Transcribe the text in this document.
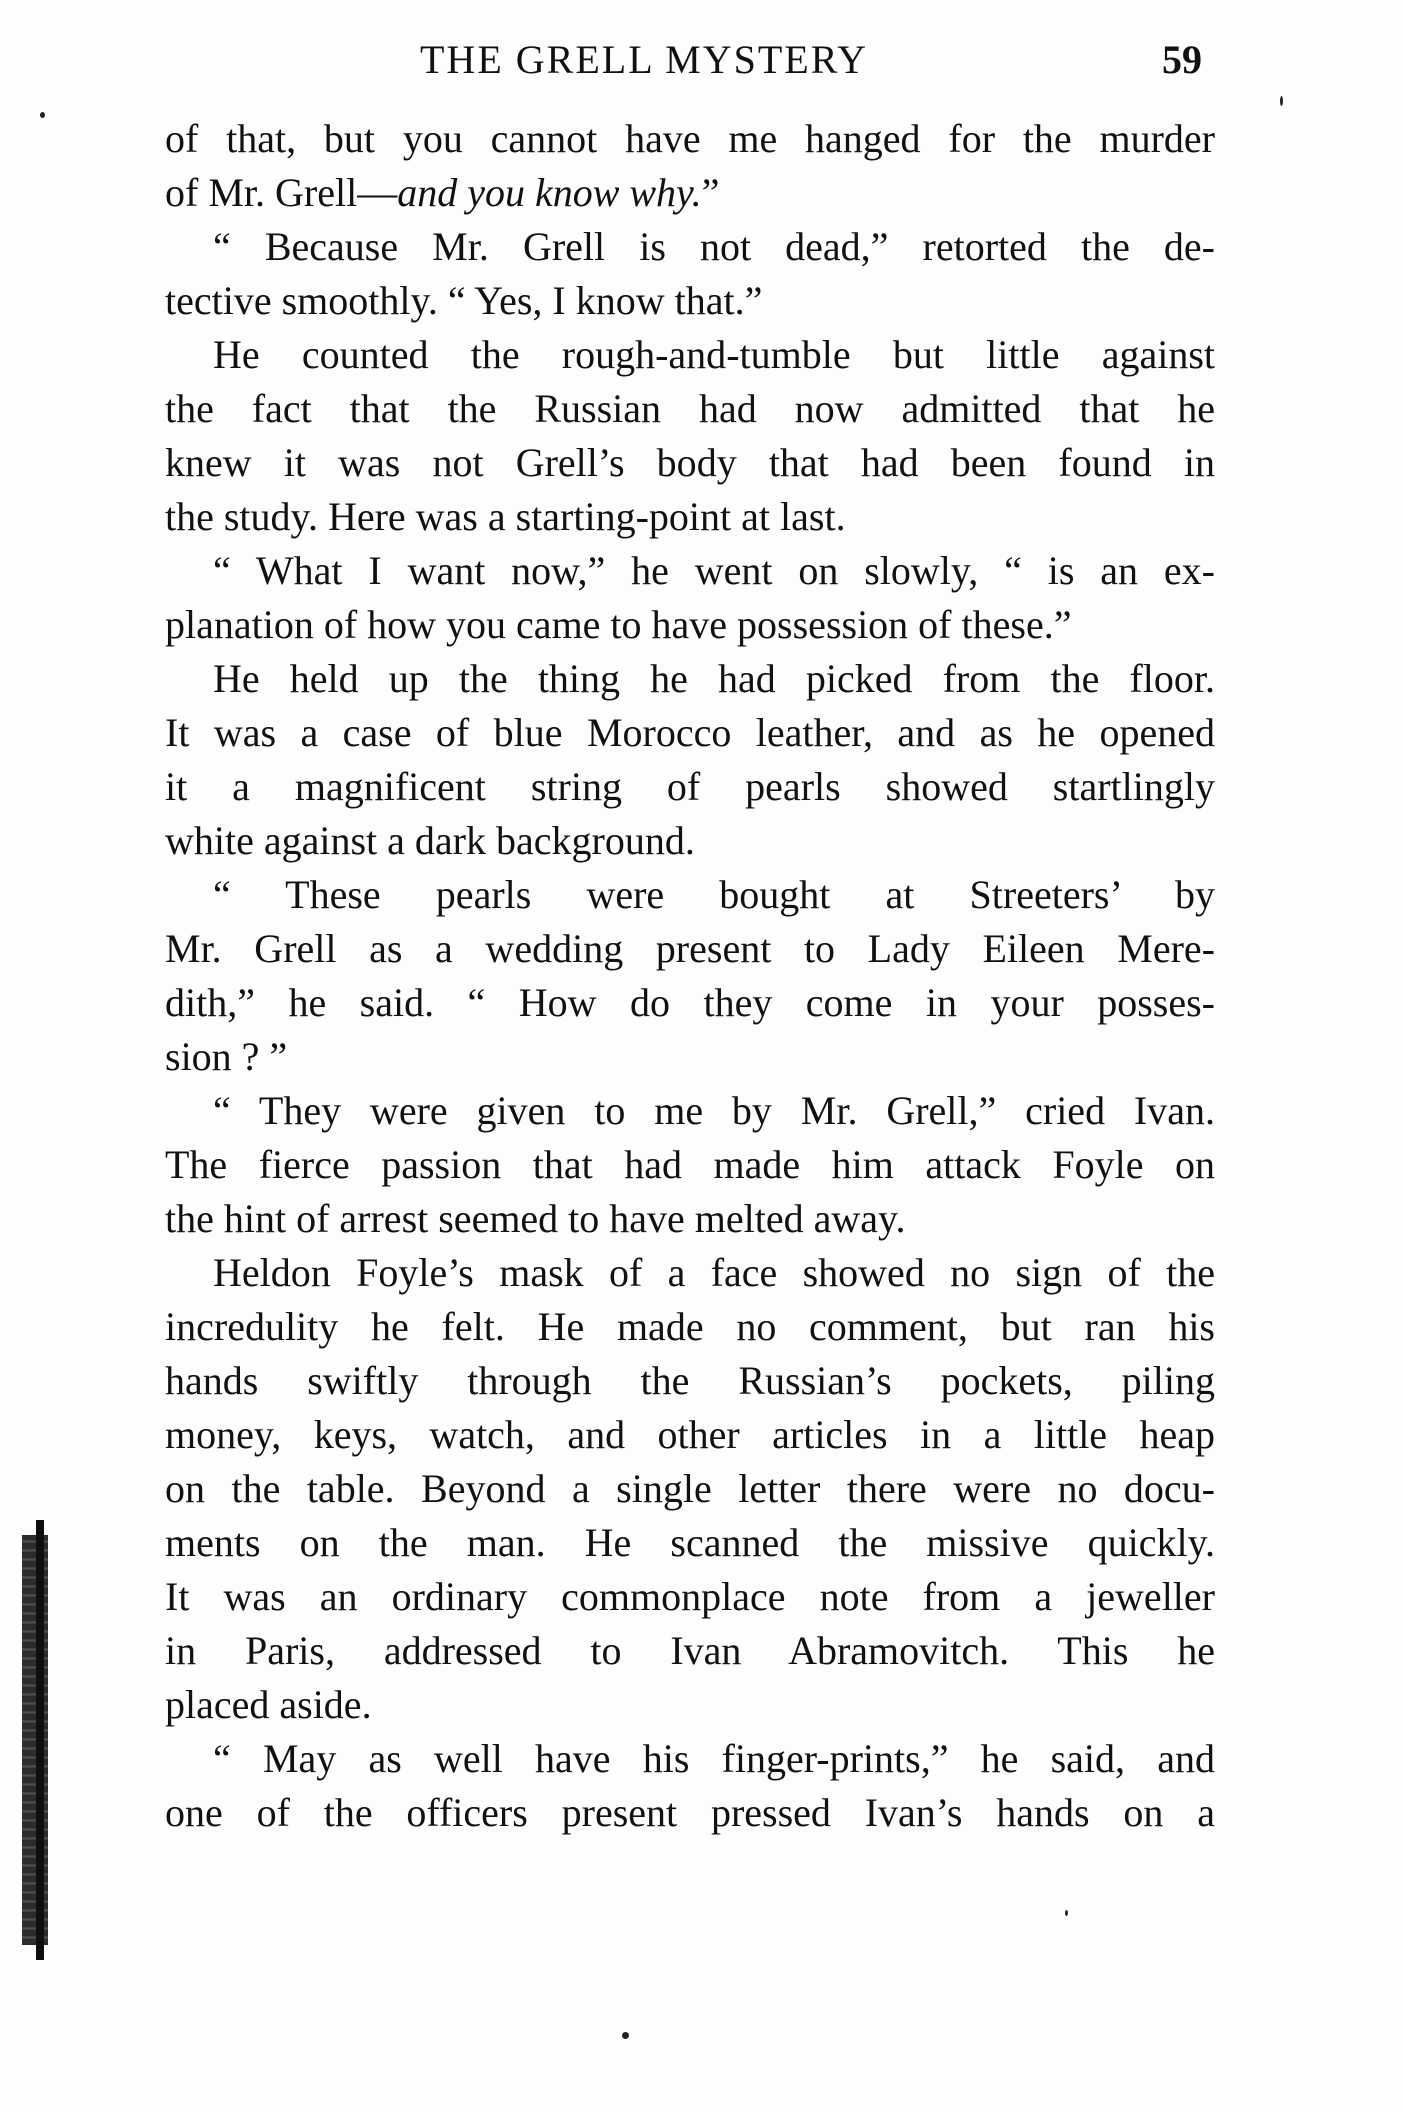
THE GRELL MYSTERY	59
of that, but you cannot have me hanged for the murder
of Mr. Grell—and you know why.”
“ Because Mr. Grell is not dead,” retorted the de-
tective smoothly. “ Yes, I know that.”
He counted the rough-and-tumble but little against
the fact that the Russian had now admitted that he
knew it was not Grell’s body that had been found in
the study. Here was a starting-point at last.
“ What I want now,” he went on slowly, “ is an ex-
planation of how you came to have possession of these.”
He held up the thing he had picked from the floor.
It was a case of blue Morocco leather, and as he opened
it a magnificent string of pearls showed startlingly
white against a dark background.
“ These pearls were bought at Streeters’ by
Mr. Grell as a wedding present to Lady Eileen Mere-
dith,” he said. “ How do they come in your posses-
sion ? ”
“ They were given to me by Mr. Grell,” cried Ivan.
The fierce passion that had made him attack Foyle on
the hint of arrest seemed to have melted away.
Heldon Foyle’s mask of a face showed no sign of the
incredulity he felt. He made no comment, but ran his
hands swiftly through the Russian’s pockets, piling
money, keys, watch, and other articles in a little heap
on the table. Beyond a single letter there were no docu-
ments on the man. He scanned the missive quickly.
It was an ordinary commonplace note from a jeweller
in Paris, addressed to Ivan Abramovitch. This he
placed aside.
“ May as well have his finger-prints,” he said, and
one of the officers present pressed Ivan’s hands on a
